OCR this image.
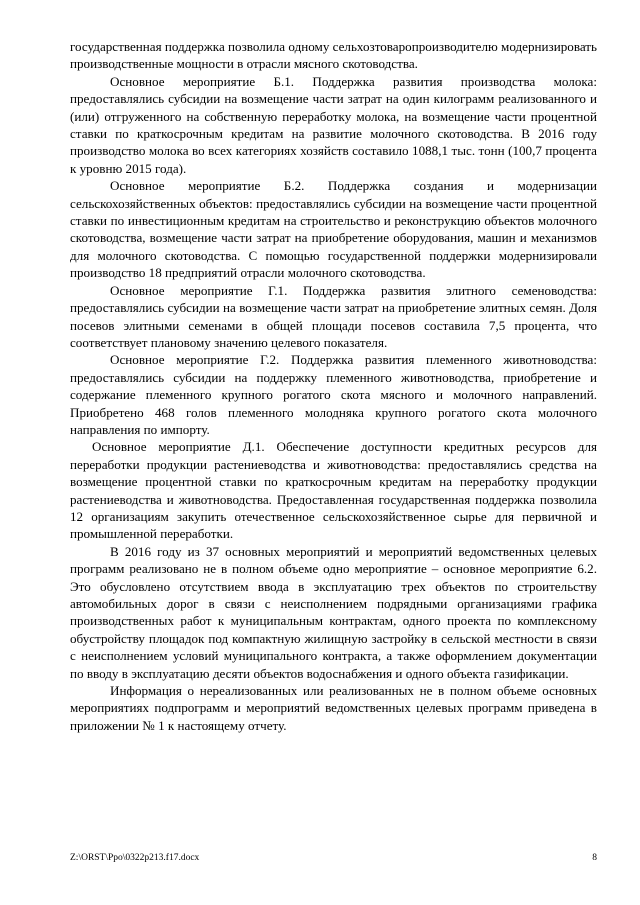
государственная поддержка позволила одному сельхозтоваропроизводителю модернизировать производственные мощности в отрасли мясного скотоводства.

Основное мероприятие Б.1. Поддержка развития производства молока: предоставлялись субсидии на возмещение части затрат на один килограмм реализованного и (или) отгруженного на собственную переработку молока, на возмещение части процентной ставки по краткосрочным кредитам на развитие молочного скотоводства. В 2016 году производство молока во всех категориях хозяйств составило 1088,1 тыс. тонн (100,7 процента к уровню 2015 года).

Основное мероприятие Б.2. Поддержка создания и модернизации сельскохозяйственных объектов: предоставлялись субсидии на возмещение части процентной ставки по инвестиционным кредитам на строительство и реконструкцию объектов молочного скотоводства, возмещение части затрат на приобретение оборудования, машин и механизмов для молочного скотоводства. С помощью государственной поддержки модернизировали производство 18 предприятий отрасли молочного скотоводства.

Основное мероприятие Г.1. Поддержка развития элитного семеноводства: предоставлялись субсидии на возмещение части затрат на приобретение элитных семян. Доля посевов элитными семенами в общей площади посевов составила 7,5 процента, что соответствует плановому значению целевого показателя.

Основное мероприятие Г.2. Поддержка развития племенного животноводства: предоставлялись субсидии на поддержку племенного животноводства, приобретение и содержание племенного крупного рогатого скота мясного и молочного направлений. Приобретено 468 голов племенного молодняка крупного рогатого скота молочного направления по импорту.

Основное мероприятие Д.1. Обеспечение доступности кредитных ресурсов для переработки продукции растениеводства и животноводства: предоставлялись средства на возмещение процентной ставки по краткосрочным кредитам на переработку продукции растениеводства и животноводства. Предоставленная государственная поддержка позволила 12 организациям закупить отечественное сельскохозяйственное сырье для первичной и промышленной переработки.

В 2016 году из 37 основных мероприятий и мероприятий ведомственных целевых программ реализовано не в полном объеме одно мероприятие – основное мероприятие 6.2. Это обусловлено отсутствием ввода в эксплуатацию трех объектов по строительству автомобильных дорог в связи с неисполнением подрядными организациями графика производственных работ к муниципальным контрактам, одного проекта по комплексному обустройству площадок под компактную жилищную застройку в сельской местности в связи с неисполнением условий муниципального контракта, а также оформлением документации по вводу в эксплуатацию десяти объектов водоснабжения и одного объекта газификации.

Информация о нереализованных или реализованных не в полном объеме основных мероприятиях подпрограмм и мероприятий ведомственных целевых программ приведена в приложении № 1 к настоящему отчету.

Z:\ORST\Ppo\0322p213.f17.docx	8
